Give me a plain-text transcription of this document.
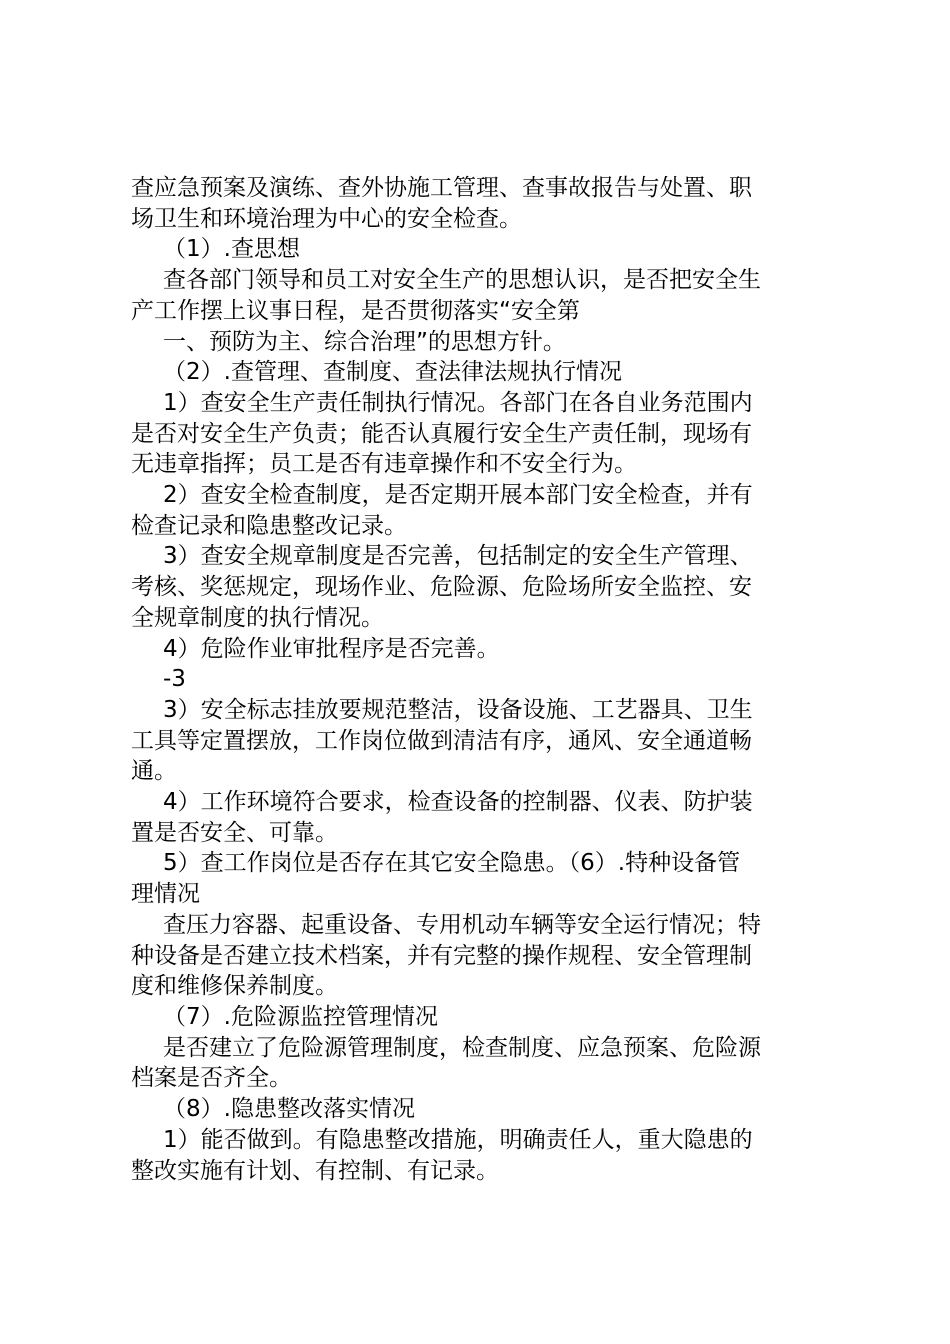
查应急预案及演练、查外协施工管理、查事故报告与处置、职
场卫生和环境治理为中心的安全检查。
（1）.查思想
查各部门领导和员工对安全生产的思想认识，是否把安全生
产工作摆上议事日程，是否贯彻落实“安全第
一、预防为主、综合治理”的思想方针。
（2）.查管理、查制度、查法律法规执行情况
1）查安全生产责任制执行情况。各部门在各自业务范围内
是否对安全生产负责；能否认真履行安全生产责任制，现场有
无违章指挥；员工是否有违章操作和不安全行为。
2）查安全检查制度，是否定期开展本部门安全检查，并有
检查记录和隐患整改记录。
3）查安全规章制度是否完善，包括制定的安全生产管理、
考核、奖惩规定，现场作业、危险源、危险场所安全监控、安
全规章制度的执行情况。
4）危险作业审批程序是否完善。
-3
3）安全标志挂放要规范整洁，设备设施、工艺器具、卫生
工具等定置摆放，工作岗位做到清洁有序，通风、安全通道畅
通。
4）工作环境符合要求，检查设备的控制器、仪表、防护装
置是否安全、可靠。
5）查工作岗位是否存在其它安全隐患。（6）.特种设备管
理情况
查压力容器、起重设备、专用机动车辆等安全运行情况；特
种设备是否建立技术档案，并有完整的操作规程、安全管理制
度和维修保养制度。
（7）.危险源监控管理情况
是否建立了危险源管理制度，检查制度、应急预案、危险源
档案是否齐全。
（8）.隐患整改落实情况
1）能否做到。有隐患整改措施，明确责任人，重大隐患的
整改实施有计划、有控制、有记录。
